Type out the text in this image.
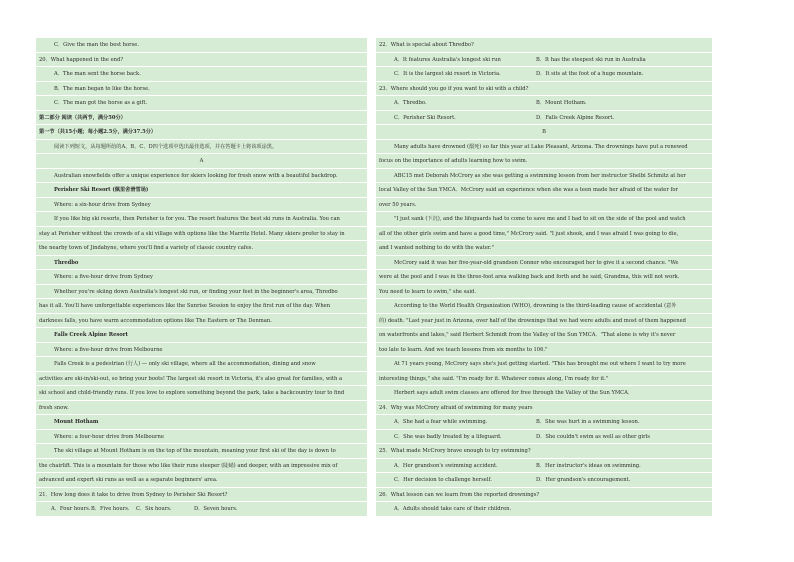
C．Give the man the best horse.
20．What happened in the end?
A．The man sent the horse back.
B．The man began to like the horse.
C．The man got the horse as a gift.
第二部分 阅读（共两节，满分50分）
第一节（共15小题；每小题2.5分，满分37.5分）
阅读下列短文，从每题所给的A、B、C、D四个选项中选出最佳选项，并在答题卡上将该项涂黑。
A
Australian snowfields offer a unique experience for skiers looking for fresh snow with a beautiful backdrop.
Perisher Ski Resort (佩里舍滑雪场)
Where: a six-hour drive from Sydney
If you like big ski resorts, then Perisher is for you. The resort features the best ski runs in Australia. You can
stay at Perisher without the crowds of a ski village with options like the Marritz Hotel. Many skiers prefer to stay in
the nearby town of Jindabyne, where you'll find a variety of classic country cafes.
Thredbo
Where: a five-hour drive from Sydney
Whether you're skiing down Australia's longest ski run, or finding your feet in the beginner's area, Thredbo
has it all. You'll have unforgettable experiences like the Sunrise Session to enjoy the first run of the day. When
darkness falls, you have warm accommodation options like The Eastern or The Denman.
Falls Creek Alpine Resort
Where: a five-hour drive from Melbourne
Falls Creek is a pedestrian (行人) — only ski village, where all the accommodation, dining and snow
activities are ski-in/ski-out, so bring your boots! The largest ski resort in Victoria, it's also great for families, with a
ski school and child-friendly runs. If you love to explore something beyond the park, take a backcountry tour to find
fresh snow.
Mount Hotham
Where: a four-hour drive from Melbourne
The ski village at Mount Hotham is on the top of the mountain, meaning your first ski of the day is down to
the chairlift. This is a mountain for those who like their runs steeper (陡峭) and deeper, with an impressive mix of
advanced and expert ski runs as well as a separate beginners' area.
21．How long does it take to drive from Sydney to Perisher Ski Resort?
A．Four hours. B．Five hours. C．Six hours.	D．Seven hours.
22．What is special about Thredbo?
A．It features Australia's longest ski run	B．It has the steepest ski run in Australia
C．It is the largest ski resort in Victoria.	D．It sits at the foot of a huge mountain.
23．Where should you go if you want to ski with a child?
A．Thredbo.	B．Mount Hotham.
C．Perisher Ski Resort.	D．Falls Creek Alpine Resort.
B
Many adults have drowned (溺死) so far this year at Lake Pleasant, Arizona. The drownings have put a renewed
focus on the importance of adults learning how to swim.
ABC15 met Deborah McCrory as she was getting a swimming lesson from her instructor Shelbi Schmitz at her
local Valley of the Sun YMCA．McCrory said an experience when she was a teen made her afraid of the water for
over 50 years.
"I just sank (下沉), and the lifeguards had to come to save me and I had to sit on the side of the pool and watch
all of the other girls swim and have a good time," McCrory said. "I just shook, and I was afraid I was going to die,
and I wanted nothing to do with the water."
McCrory said it was her five-year-old grandson Connor who encouraged her to give it a second chance. "We
were at the pool and I was in the three-foot area walking back and forth and he said, Grandma, this will not work.
You need to learn to swim," she said.
According to the World Health Organization (WHO), drowning is the third-leading cause of accidental (意外
的) death. "Last year just in Arizona, over half of the drownings that we had were adults and most of them happened
on waterfronts and lakes," said Herbert Schmidt from the Valley of the Sun YMCA．"That alone is why it's never
too late to learn. And we teach lessons from six months to 106."
At 71 years young, McCrory says she's just getting started. "This has brought me out where I want to try more
interesting things," she said. "I'm ready for it. Whatever comes along, I'm ready for it."
Herbert says adult swim classes are offered for free through the Valley of the Sun YMCA．
24．Why was McCrory afraid of swimming for many years
A．She had a fear while swimming.	B．She was hurt in a swimming lesson.
C．She was badly treated by a lifeguard.	D．She couldn't swim as well as other girls
25．What made McCrory brave enough to try swimming?
A．Her grandson's swimming accident.	B．Her instructor's ideas on swimming.
C．Her decision to challenge herself.	D．Her grandson's encouragement.
26．What lesson can we learn from the reported drownings?
A．Adults should take care of their children.
